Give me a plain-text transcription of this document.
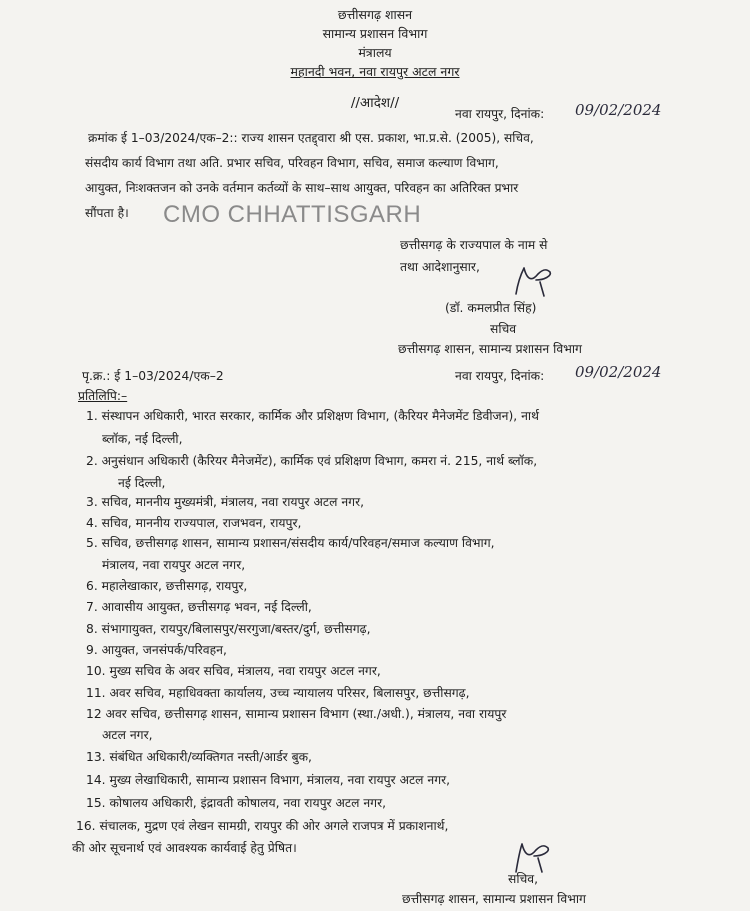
छत्तीसगढ़ शासन
सामान्य प्रशासन विभाग
मंत्रालय
महानदी भवन, नवा रायपुर अटल नगर
//आदेश//
नवा रायपुर, दिनांक: 09/02/2024
क्रमांक ई 1–03/2024/एक–2:: राज्य शासन एतद्द्वारा श्री एस. प्रकाश, भा.प्र.से. (2005), सचिव,
संसदीय कार्य विभाग तथा अति. प्रभार सचिव, परिवहन विभाग, सचिव, समाज कल्याण विभाग,
आयुक्त, निःशक्तजन को उनके वर्तमान कर्तव्यों के साथ–साथ आयुक्त, परिवहन का अतिरिक्त प्रभार
सौंपता है। CMO CHHATTISGARH
छत्तीसगढ़ के राज्यपाल के नाम से
तथा आदेशानुसार,
(डॉ. कमलप्रीत सिंह)
सचिव
छत्तीसगढ़ शासन, सामान्य प्रशासन विभाग
पृ.क्र.: ई 1–03/2024/एक–2	नवा रायपुर, दिनांक: 09/02/2024
प्रतिलिपि:–
1. संस्थापन अधिकारी, भारत सरकार, कार्मिक और प्रशिक्षण विभाग, (कैरियर मैनेजमेंट डिवीजन), नार्थ
ब्लॉक, नई दिल्ली,
2. अनुसंधान अधिकारी (कैरियर मैनेजमेंट), कार्मिक एवं प्रशिक्षण विभाग, कमरा नं. 215, नार्थ ब्लॉक,
नई दिल्ली,
3. सचिव, माननीय मुख्यमंत्री, मंत्रालय, नवा रायपुर अटल नगर,
4. सचिव, माननीय राज्यपाल, राजभवन, रायपुर,
5. सचिव, छत्तीसगढ़ शासन, सामान्य प्रशासन/संसदीय कार्य/परिवहन/समाज कल्याण विभाग,
मंत्रालय, नवा रायपुर अटल नगर,
6. महालेखाकार, छत्तीसगढ़, रायपुर,
7. आवासीय आयुक्त, छत्तीसगढ़ भवन, नई दिल्ली,
8. संभागायुक्त, रायपुर/बिलासपुर/सरगुजा/बस्तर/दुर्ग, छत्तीसगढ़,
9. आयुक्त, जनसंपर्क/परिवहन,
10. मुख्य सचिव के अवर सचिव, मंत्रालय, नवा रायपुर अटल नगर,
11. अवर सचिव, महाधिवक्ता कार्यालय, उच्च न्यायालय परिसर, बिलासपुर, छत्तीसगढ़,
12 अवर सचिव, छत्तीसगढ़ शासन, सामान्य प्रशासन विभाग (स्था./अधी.), मंत्रालय, नवा रायपुर
अटल नगर,
13. संबंधित अधिकारी/व्यक्तिगत नस्ती/आर्डर बुक,
14. मुख्य लेखाधिकारी, सामान्य प्रशासन विभाग, मंत्रालय, नवा रायपुर अटल नगर,
15. कोषालय अधिकारी, इंद्रावती कोषालय, नवा रायपुर अटल नगर,
16. संचालक, मुद्रण एवं लेखन सामग्री, रायपुर की ओर अगले राजपत्र में प्रकाशनार्थ,
की ओर सूचनार्थ एवं आवश्यक कार्यवाई हेतु प्रेषित।
सचिव,
छत्तीसगढ़ शासन, सामान्य प्रशासन विभाग
